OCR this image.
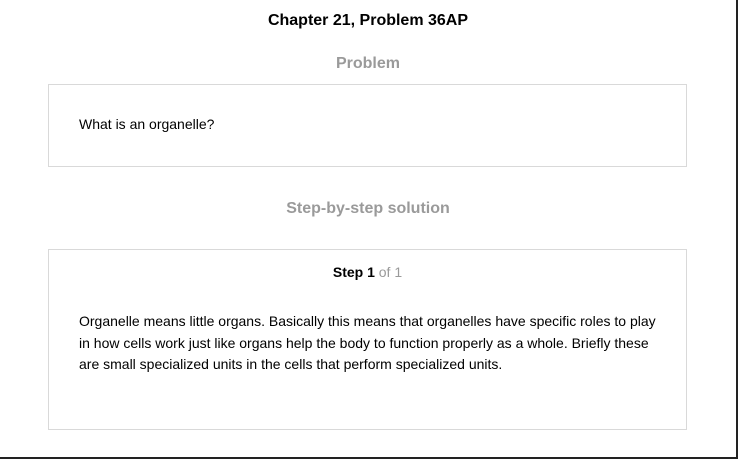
Chapter 21, Problem 36AP
Problem
What is an organelle?
Step-by-step solution
Step 1 of 1
Organelle means little organs. Basically this means that organelles have specific roles to play in how cells work just like organs help the body to function properly as a whole. Briefly these are small specialized units in the cells that perform specialized units.
